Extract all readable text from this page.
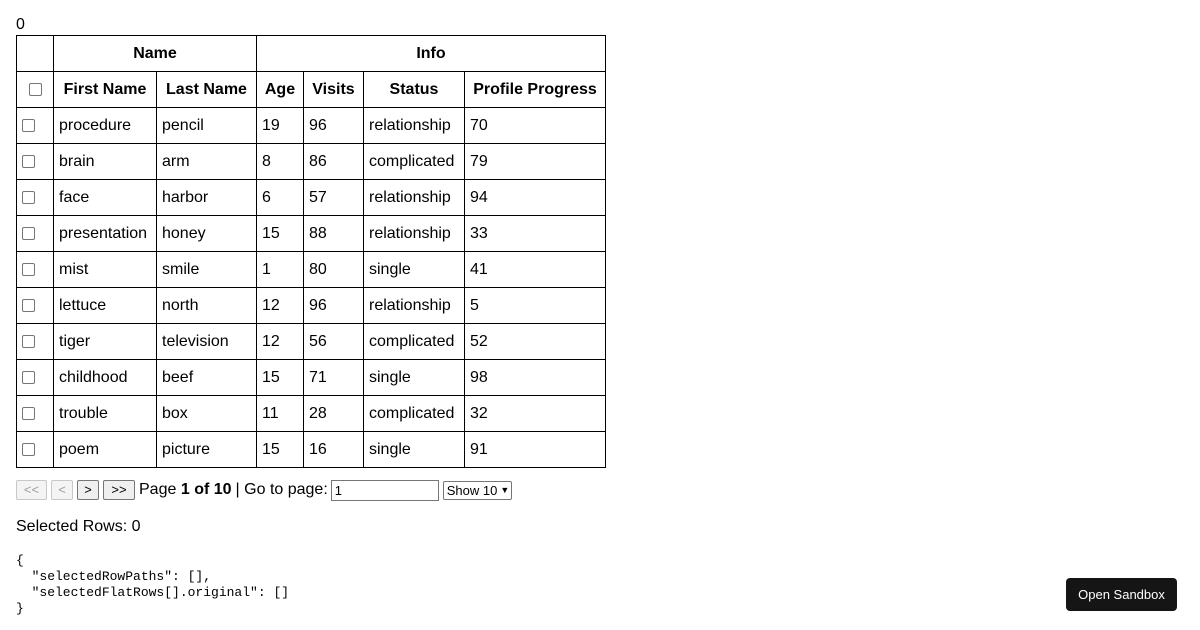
0
	Name		Info			
	First Name	Last Name	Age	Visits	Status	Profile Progress
	procedure	pencil	19	96	relationship	70
	brain	arm	8	86	complicated	79
	face	harbor	6	57	relationship	94
	presentation	honey	15	88	relationship	33
	mist	smile	1	80	single	41
	lettuce	north	12	96	relationship	5
	tiger	television	12	56	complicated	52
	childhood	beef	15	71	single	98
	trouble	box	11	28	complicated	32
	poem	picture	15	16	single	91
<<	<	>	>> Page 1 of 10 | Go to page: 1	Show 10 ▼
Selected Rows: 0
{
"selectedRowPaths": [],
"selectedFlatRows[].original": []
}
Open Sandbox
